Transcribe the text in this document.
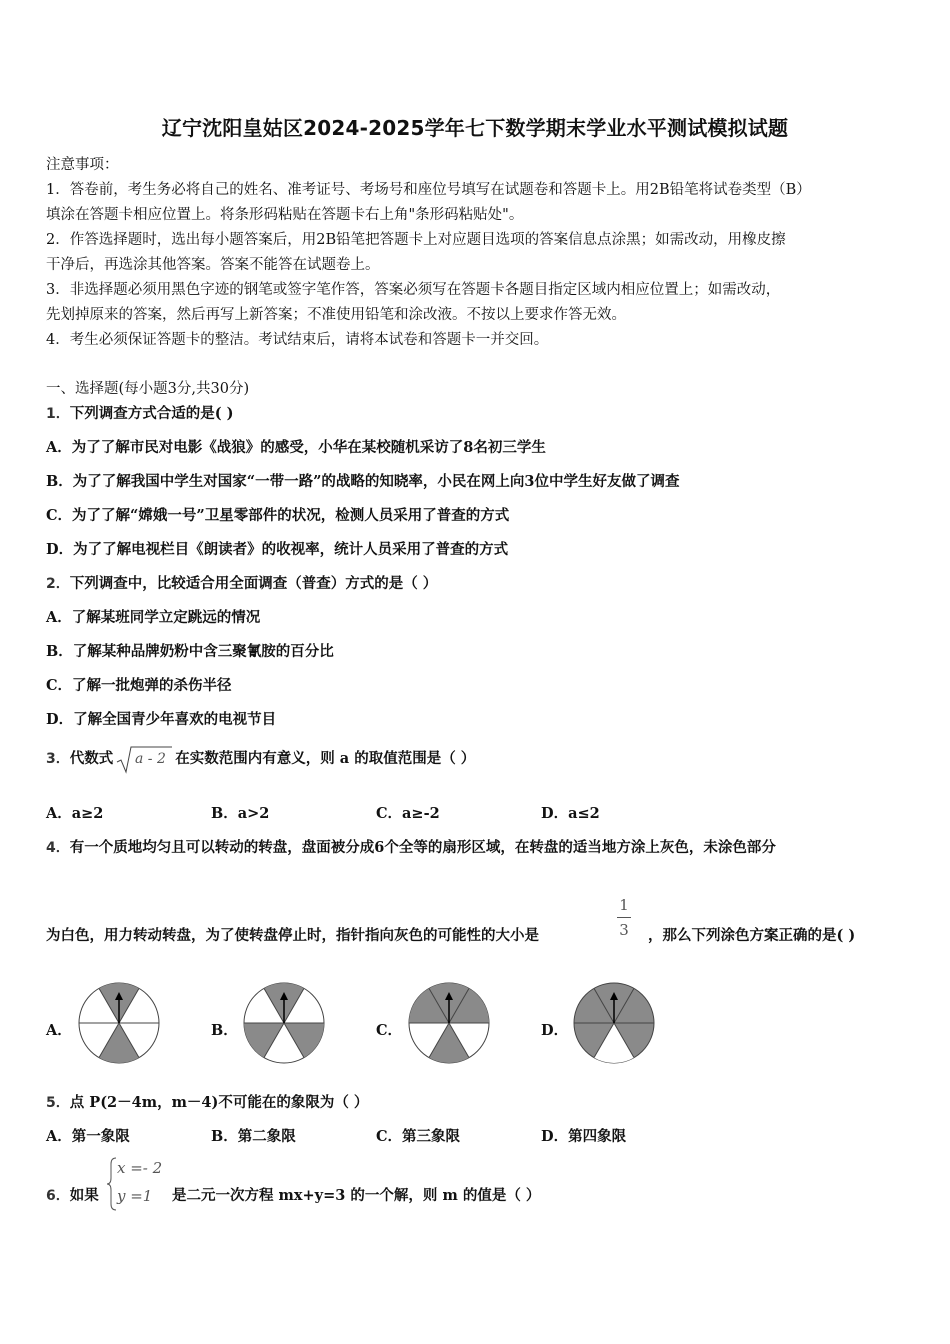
辽宁沈阳皇姑区2024-2025学年七下数学期末学业水平测试模拟试题
注意事项：
1．答卷前，考生务必将自己的姓名、准考证号、考场号和座位号填写在试题卷和答题卡上。用2B铅笔将试卷类型（B）
填涂在答题卡相应位置上。将条形码粘贴在答题卡右上角"条形码粘贴处"。
2．作答选择题时，选出每小题答案后，用2B铅笔把答题卡上对应题目选项的答案信息点涂黑；如需改动，用橡皮擦
干净后，再选涂其他答案。答案不能答在试题卷上。
3．非选择题必须用黑色字迹的钢笔或签字笔作答，答案必须写在答题卡各题目指定区域内相应位置上；如需改动，
先划掉原来的答案，然后再写上新答案；不准使用铅笔和涂改液。不按以上要求作答无效。
4．考生必须保证答题卡的整洁。考试结束后，请将本试卷和答题卡一并交回。
一、选择题(每小题3分,共30分)
1．下列调查方式合适的是( )
A．为了了解市民对电影《战狼》的感受，小华在某校随机采访了8名初三学生
B．为了了解我国中学生对国家“一带一路”的战略的知晓率，小民在网上向3位中学生好友做了调查
C．为了了解“嫦娥一号”卫星零部件的状况，检测人员采用了普查的方式
D．为了了解电视栏目《朗读者》的收视率，统计人员采用了普查的方式
2．下列调查中，比较适合用全面调查（普查）方式的是（ ）
A．了解某班同学立定跳远的情况
B．了解某种品牌奶粉中含三聚氰胺的百分比
C．了解一批炮弹的杀伤半径
D．了解全国青少年喜欢的电视节目
3．代数式 a - 2 在实数范围内有意义，则 a 的取值范围是（ ）
A．a≥2	B．a>2	C．a≥-2	D．a≤2
4．有一个质地均匀且可以转动的转盘，盘面被分成6个全等的扇形区域，在转盘的适当地方涂上灰色，未涂色部分
1
3
为白色，用力转动转盘，为了使转盘停止时，指针指向灰色的可能性的大小是	，那么下列涂色方案正确的是( )
A．	B．	C．	D．
5．点 P(2－4m，m－4)不可能在的象限为（ ）
A．第一象限	B．第二象限	C．第三象限	D．第四象限
6．如果
x =- 2
y =1 是二元一次方程 mx+y=3 的一个解，则 m 的值是（ ）
